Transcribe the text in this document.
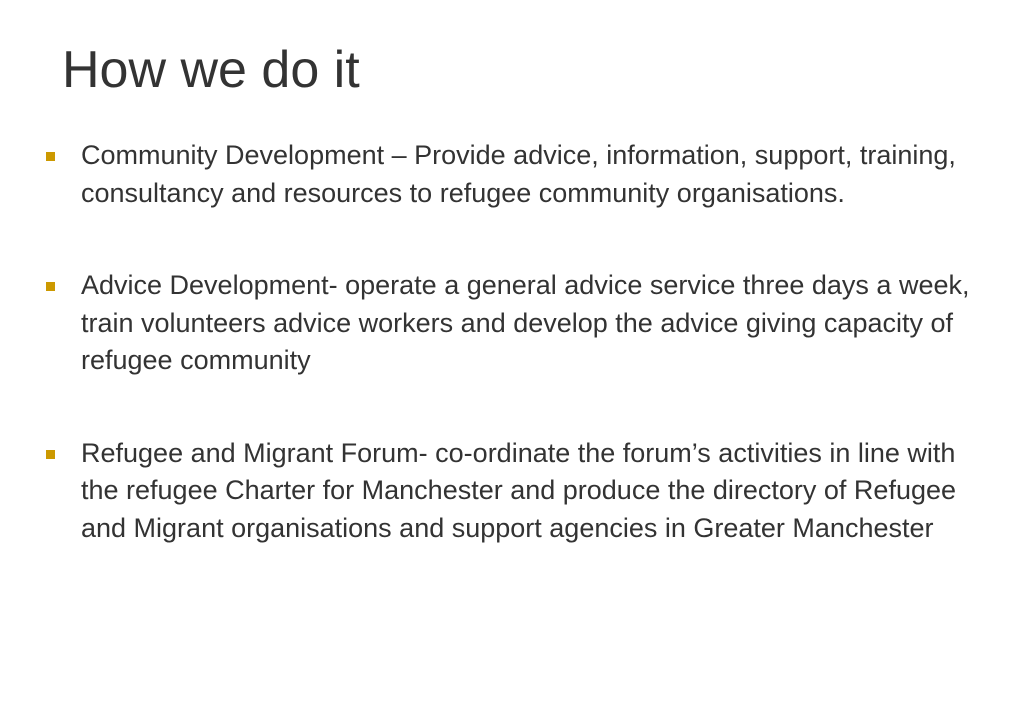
How we do it
Community Development – Provide advice, information, support, training, consultancy and resources to refugee community organisations.
Advice Development- operate a general advice service three days a week, train volunteers advice workers and develop the advice giving capacity of refugee community
Refugee and Migrant Forum- co-ordinate the forum’s activities in line with the refugee Charter for Manchester and produce the directory of Refugee and Migrant organisations and support agencies in Greater Manchester
